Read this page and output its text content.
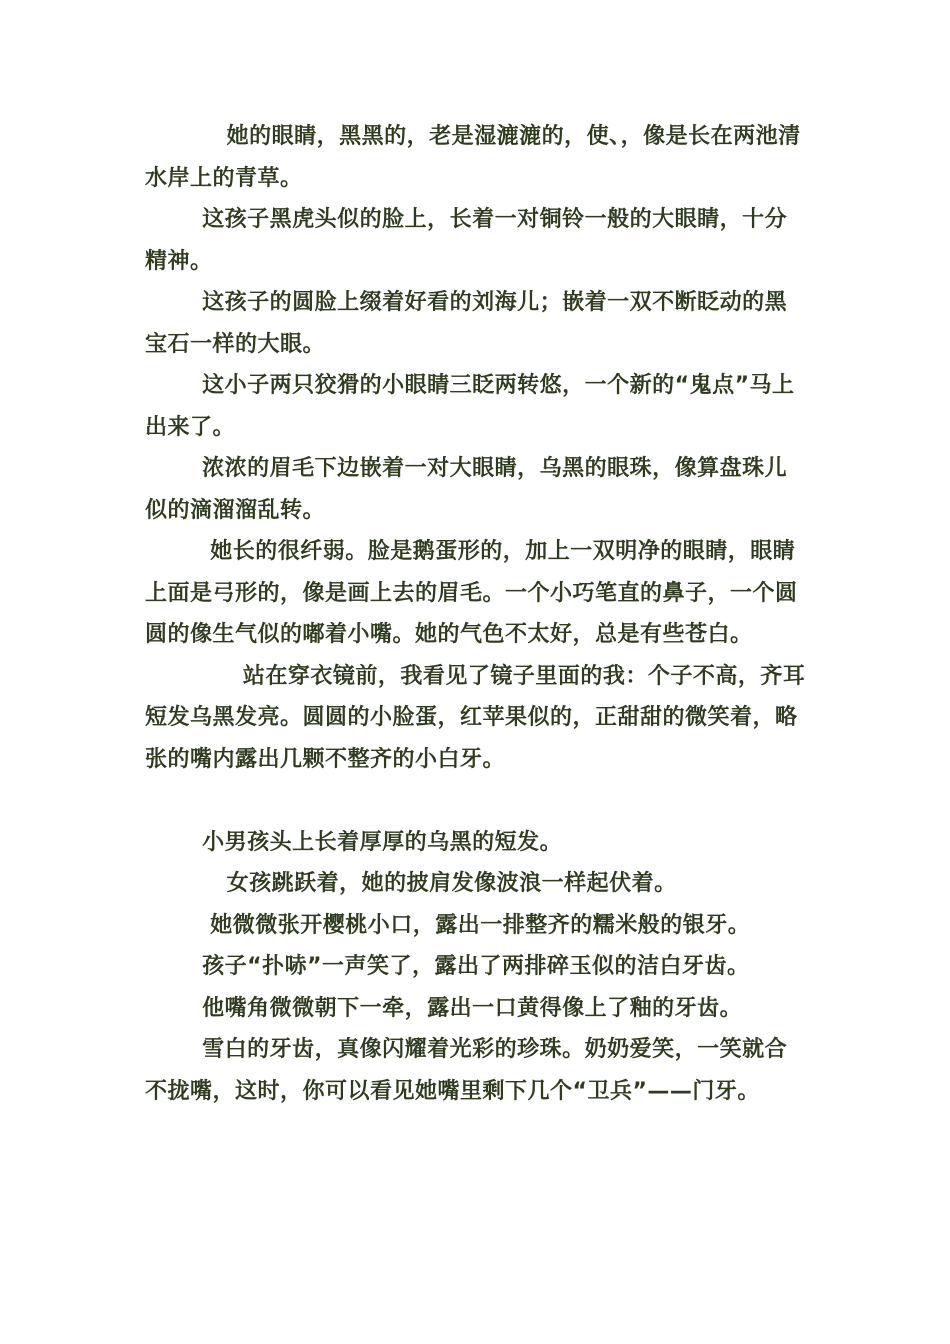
她的眼睛，黑黑的，老是湿漉漉的，使、，像是长在两池清水岸上的青草。

这孩子黑虎头似的脸上，长着一对铜铃一般的大眼睛，十分精神。

这孩子的圆脸上缀着好看的刘海儿；嵌着一双不断眨动的黑宝石一样的大眼。

这小子两只狡猾的小眼睛三眨两转悠，一个新的“鬼点”马上出来了。

浓浓的眉毛下边嵌着一对大眼睛，乌黑的眼珠，像算盘珠儿似的滴溜溜乱转。

她长的很纤弱。脸是鹅蛋形的，加上一双明净的眼睛，眼睛上面是弓形的，像是画上去的眉毛。一个小巧笔直的鼻子，一个圆圆的像生气似的嘟着小嘴。她的气色不太好，总是有些苍白。

站在穿衣镜前，我看见了镜子里面的我：个子不高，齐耳短发乌黑发亮。圆圆的小脸蛋，红苹果似的，正甜甜的微笑着，略张的嘴内露出几颗不整齐的小白牙。

小男孩头上长着厚厚的乌黑的短发。

女孩跳跃着，她的披肩发像波浪一样起伏着。

她微微张开樱桃小口，露出一排整齐的糯米般的银牙。

孩子“扑哧”一声笑了，露出了两排碎玉似的洁白牙齿。

他嘴角微微朝下一牵，露出一口黄得像上了釉的牙齿。

雪白的牙齿，真像闪耀着光彩的珍珠。奶奶爱笑，一笑就合不拢嘴，这时，你可以看见她嘴里剩下几个“卫兵”——门牙。
